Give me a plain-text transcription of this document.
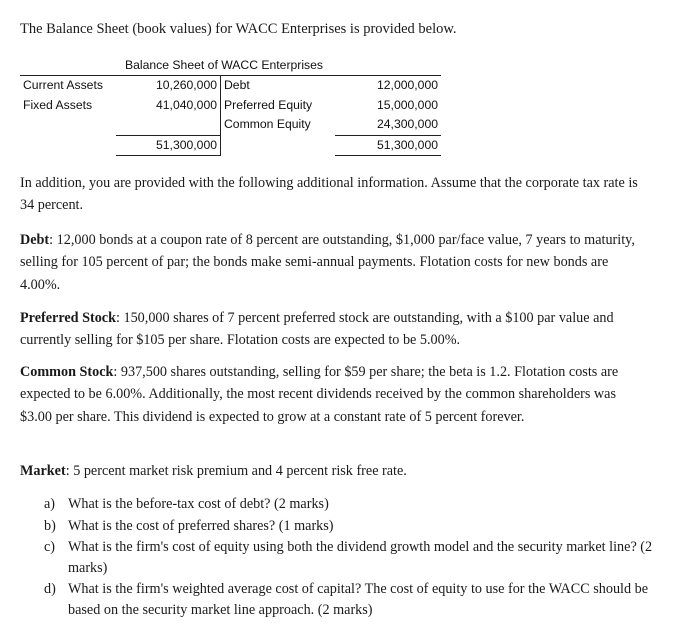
The Balance Sheet (book values) for WACC Enterprises is provided below.
Balance Sheet of WACC Enterprises			
Current Assets	10,260,000	Debt	12,000,000
Fixed Assets	41,040,000	Preferred Equity	15,000,000
		Common Equity	24,300,000
	51,300,000		51,300,000
In addition, you are provided with the following additional information. Assume that the corporate tax rate is 34 percent.
Debt: 12,000 bonds at a coupon rate of 8 percent are outstanding, $1,000 par/face value, 7 years to maturity, selling for 105 percent of par; the bonds make semi-annual payments. Flotation costs for new bonds are 4.00%.
Preferred Stock: 150,000 shares of 7 percent preferred stock are outstanding, with a $100 par value and currently selling for $105 per share. Flotation costs are expected to be 5.00%.
Common Stock: 937,500 shares outstanding, selling for $59 per share; the beta is 1.2. Flotation costs are expected to be 6.00%. Additionally, the most recent dividends received by the common shareholders was $3.00 per share. This dividend is expected to grow at a constant rate of 5 percent forever.
Market: 5 percent market risk premium and 4 percent risk free rate.
a) What is the before-tax cost of debt? (2 marks)
b) What is the cost of preferred shares? (1 marks)
c) What is the firm's cost of equity using both the dividend growth model and the security market line? (2 marks)
d) What is the firm's weighted average cost of capital? The cost of equity to use for the WACC should be based on the security market line approach. (2 marks)
